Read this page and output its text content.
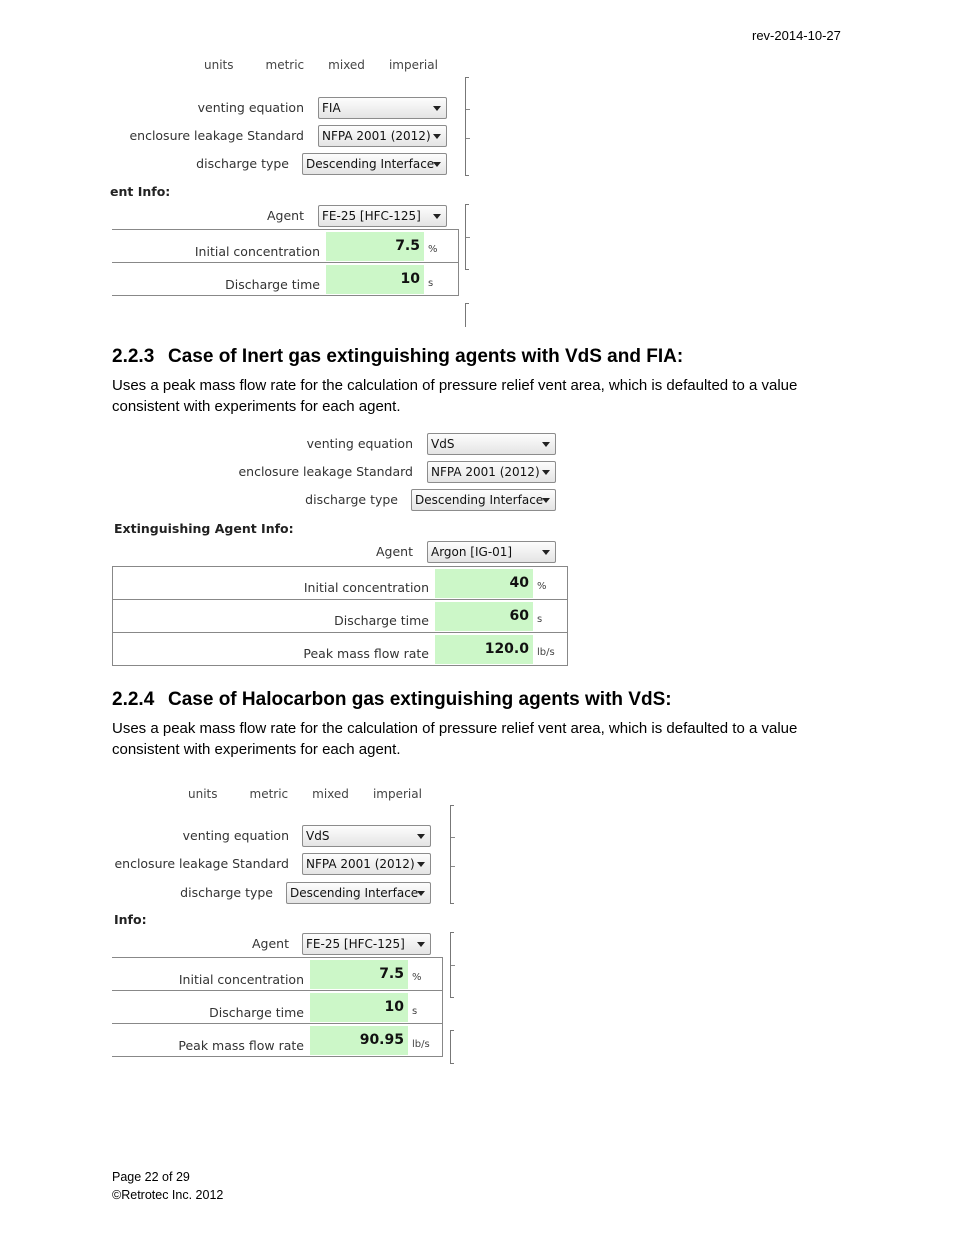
rev-2014-10-27
units	metric mixed imperial
venting equation	FIA
enclosure leakage Standard	NFPA 2001 (2012)
discharge type	Descending Interface
ent Info:
Agent	FE-25 [HFC-125]
Initial concentration	7.5 %
Discharge time	10 s
2.2.3 Case of Inert gas extinguishing agents with VdS and FIA:
Uses a peak mass flow rate for the calculation of pressure relief vent area, which is defaulted to a value consistent with experiments for each agent.
venting equation	VdS
enclosure leakage Standard	NFPA 2001 (2012)
discharge type	Descending Interface
Extinguishing Agent Info:
Agent	Argon [IG-01]
Initial concentration	40 %
Discharge time	60 s
Peak mass flow rate	120.0 lb/s
2.2.4 Case of Halocarbon gas extinguishing agents with VdS:
Uses a peak mass flow rate for the calculation of pressure relief vent area, which is defaulted to a value consistent with experiments for each agent.
units	metric mixed imperial
venting equation	VdS
enclosure leakage Standard	NFPA 2001 (2012)
discharge type	Descending Interface
Info:
Agent	FE-25 [HFC-125]
Initial concentration	7.5 %
Discharge time	10 s
Peak mass flow rate	90.95 lb/s
Page 22 of 29
©Retrotec Inc. 2012
